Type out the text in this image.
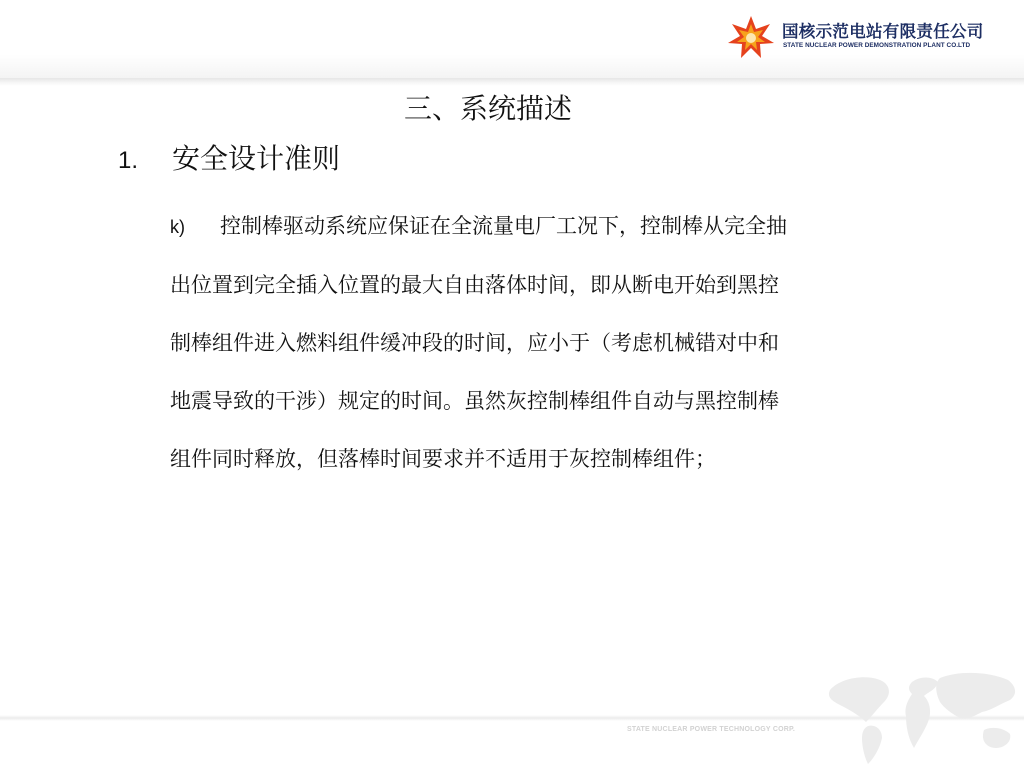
国核示范电站有限责任公司
STATE NUCLEAR POWER DEMONSTRATION PLANT CO.LTD
三、系统描述
1. 安全设计准则
k) 控制棒驱动系统应保证在全流量电厂工况下，控制棒从完全抽
出位置到完全插入位置的最大自由落体时间，即从断电开始到黑控
制棒组件进入燃料组件缓冲段的时间，应小于（考虑机械错对中和
地震导致的干涉）规定的时间。虽然灰控制棒组件自动与黑控制棒
组件同时释放，但落棒时间要求并不适用于灰控制棒组件；
STATE NUCLEAR POWER TECHNOLOGY CORP.
